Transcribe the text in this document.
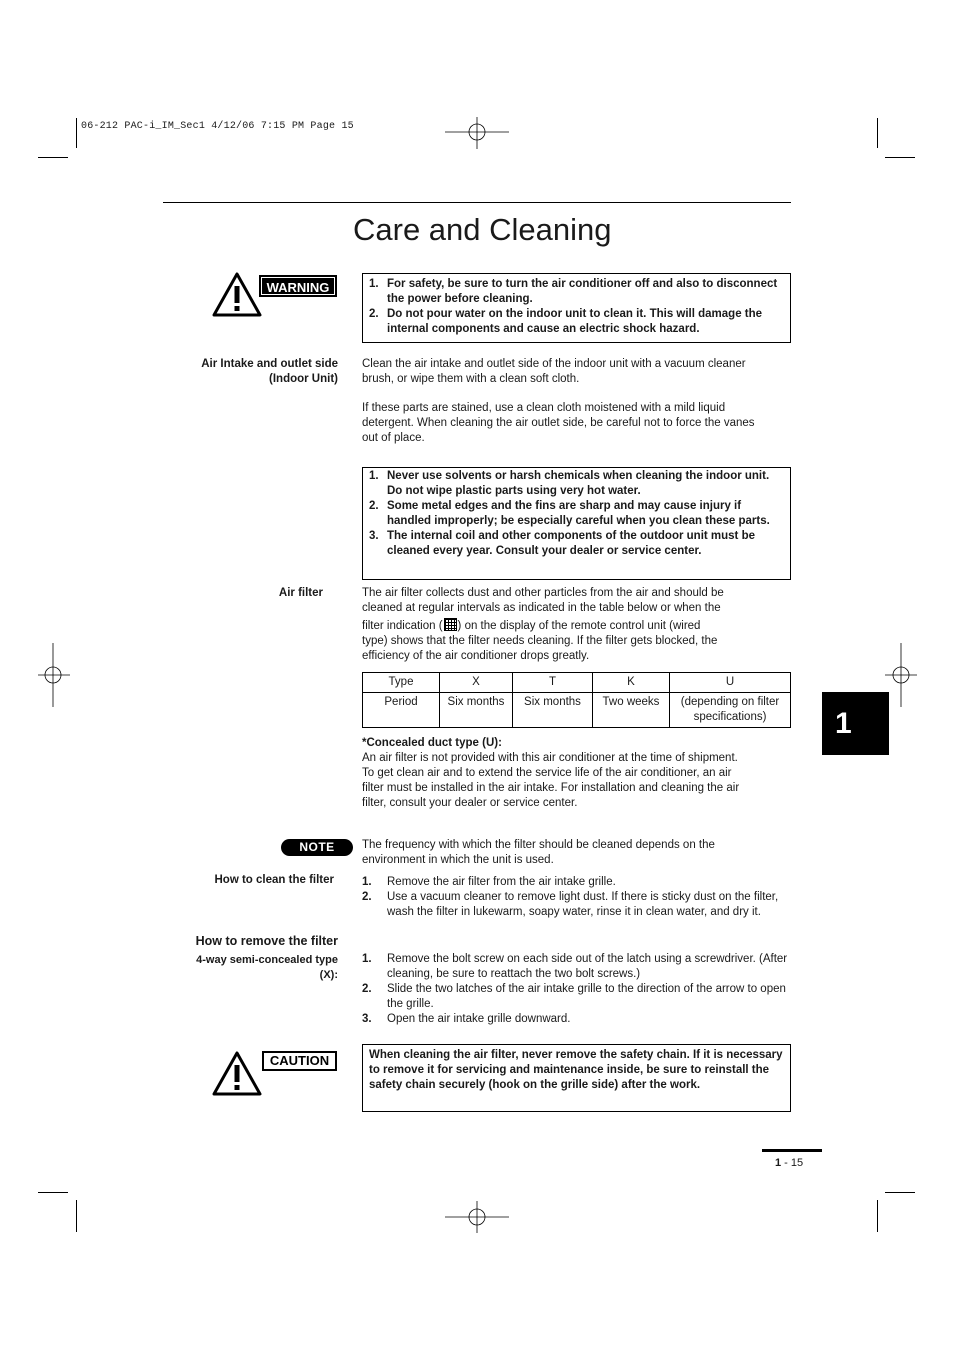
06-212 PAC-i_IM_Sec1 4/12/06 7:15 PM Page 15
Care and Cleaning
WARNING	1. For safety, be sure to turn the air conditioner off and also to disconnect the power before cleaning.
2. Do not pour water on the indoor unit to clean it. This will damage the internal components and cause an electric shock hazard.
Air Intake and outlet side
(Indoor Unit)
Clean the air intake and outlet side of the indoor unit with a vacuum cleaner brush, or wipe them with a clean soft cloth.
If these parts are stained, use a clean cloth moistened with a mild liquid detergent. When cleaning the air outlet side, be careful not to force the vanes out of place.
1. Never use solvents or harsh chemicals when cleaning the indoor unit. Do not wipe plastic parts using very hot water.
2. Some metal edges and the fins are sharp and may cause injury if handled improperly; be especially careful when you clean these parts.
3. The internal coil and other components of the outdoor unit must be cleaned every year. Consult your dealer or service center.
Air filter	The air filter collects dust and other particles from the air and should be cleaned at regular intervals as indicated in the table below or when the
filter indication ( ) on the display of the remote control unit (wired
type) shows that the filter needs cleaning. If the filter gets blocked, the efficiency of the air conditioner drops greatly.
Type	X	T	K	U
Period	Six months	Six months	Two weeks	(depending on filter specifications)
*Concealed duct type (U):
An air filter is not provided with this air conditioner at the time of shipment. To get clean air and to extend the service life of the air conditioner, an air filter must be installed in the air intake. For installation and cleaning the air filter, consult your dealer or service center.
NOTE	The frequency with which the filter should be cleaned depends on the environment in which the unit is used.
How to clean the filter 1.	Remove the air filter from the air intake grille.
2.	Use a vacuum cleaner to remove light dust. If there is sticky dust on the filter, wash the filter in lukewarm, soapy water, rinse it in clean water, and dry it.
How to remove the filter
4-way semi-concealed type
(X):
1.	Remove the bolt screw on each side out of the latch using a screwdriver. (After cleaning, be sure to reattach the two bolt screws.)
2.	Slide the two latches of the air intake grille to the direction of the arrow to open the grille.
3.	Open the air intake grille downward.
CAUTION	When cleaning the air filter, never remove the safety chain. If it is necessary to remove it for servicing and maintenance inside, be sure to reinstall the safety chain securely (hook on the grille side) after the work.
1
1 - 15
